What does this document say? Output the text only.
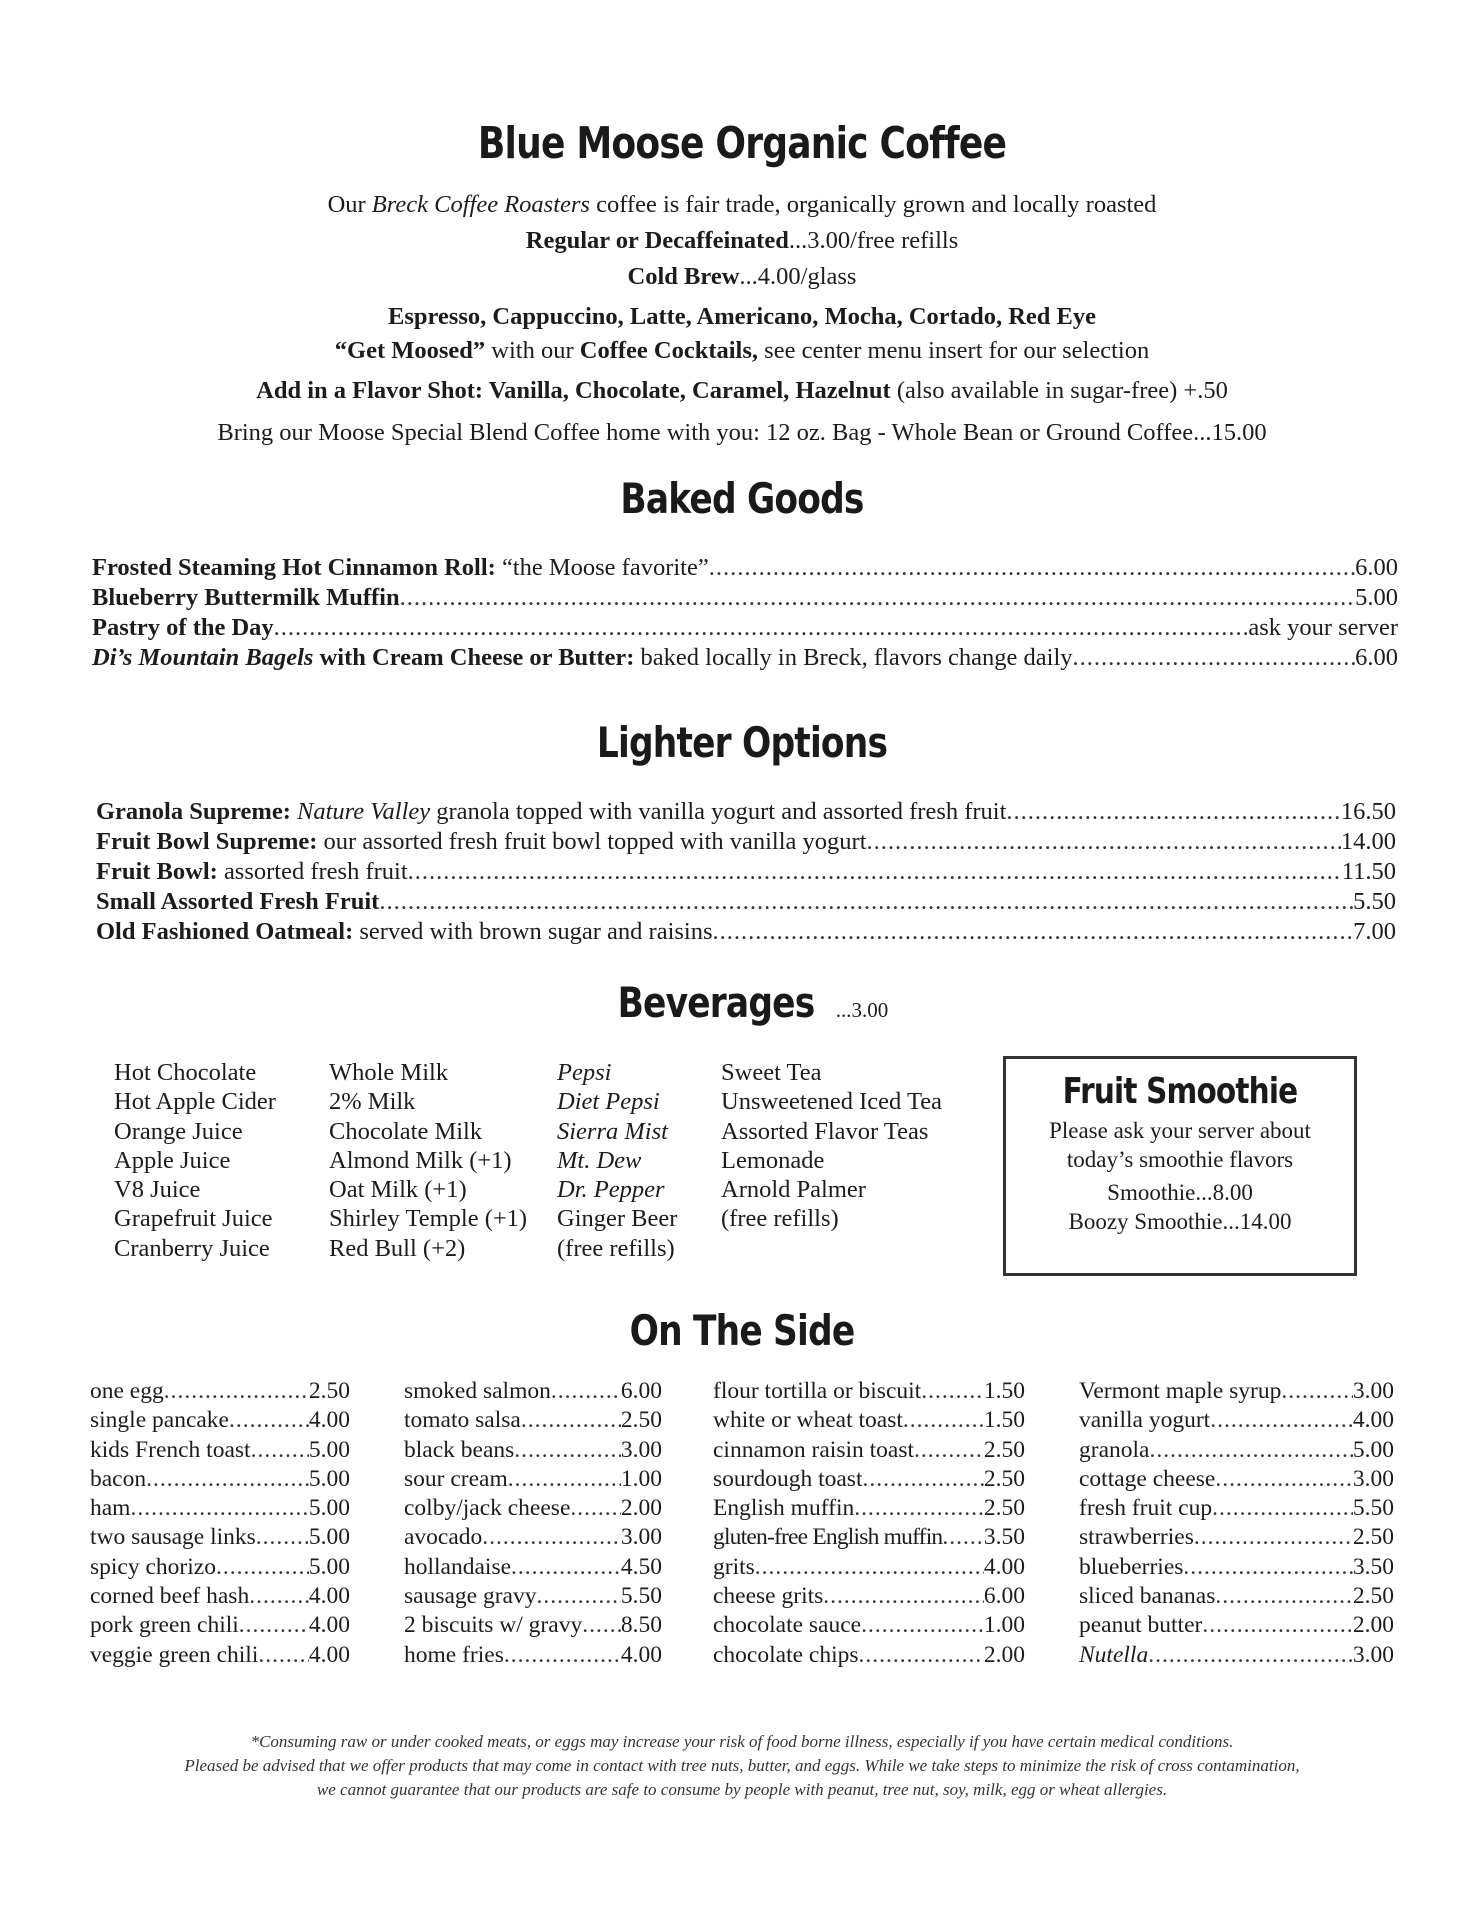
Blue Moose Organic Coffee
Our Breck Coffee Roasters coffee is fair trade, organically grown and locally roasted
Regular or Decaffeinated...3.00/free refills
Cold Brew...4.00/glass
Espresso, Cappuccino, Latte, Americano, Mocha, Cortado, Red Eye
“Get Moosed” with our Coffee Cocktails, see center menu insert for our selection
Add in a Flavor Shot: Vanilla, Chocolate, Caramel, Hazelnut (also available in sugar-free) +.50
Bring our Moose Special Blend Coffee home with you: 12 oz. Bag - Whole Bean or Ground Coffee...15.00
Baked Goods
Frosted Steaming Hot Cinnamon Roll: “the Moose favorite” .....	6.00
Blueberry Buttermilk Muffin .....	5.00
Pastry of the Day .....	ask your server
Di’s Mountain Bagels with Cream Cheese or Butter: baked locally in Breck, flavors change daily .....	6.00
Lighter Options
Granola Supreme: Nature Valley granola topped with vanilla yogurt and assorted fresh fruit .....	16.50
Fruit Bowl Supreme: our assorted fresh fruit bowl topped with vanilla yogurt .....	14.00
Fruit Bowl: assorted fresh fruit .....	11.50
Small Assorted Fresh Fruit .....	5.50
Old Fashioned Oatmeal: served with brown sugar and raisins .....	7.00
Beverages ...3.00
Hot Chocolate
Hot Apple Cider
Orange Juice
Apple Juice
V8 Juice
Grapefruit Juice
Cranberry Juice
Whole Milk
2% Milk
Chocolate Milk
Almond Milk (+1)
Oat Milk (+1)
Shirley Temple (+1)
Red Bull (+2)
Pepsi
Diet Pepsi
Sierra Mist
Mt. Dew
Dr. Pepper
Ginger Beer
(free refills)
Sweet Tea
Unsweetened Iced Tea
Assorted Flavor Teas
Lemonade
Arnold Palmer
(free refills)
Fruit Smoothie
Please ask your server about
today’s smoothie flavors
Smoothie...8.00
Boozy Smoothie...14.00
On The Side
one egg .....	2.50
single pancake .....	4.00
kids French toast ..... 5.00
bacon .....	5.00
ham .....	5.00
two sausage links ..... 5.00
spicy chorizo .....	5.00
corned beef hash .....	4.00
pork green chili .....	4.00
veggie green chili ..... 4.00
smoked salmon .....	6.00
tomato salsa .....	2.50
black beans .....	3.00
sour cream .....	1.00
colby/jack cheese ..... 2.00
avocado .....	3.00
hollandaise .....	4.50
sausage gravy .....	5.50
2 biscuits w/ gravy ..... 8.50
home fries .....	4.00
flour tortilla or biscuit .....	1.50
white or wheat toast .....	1.50
cinnamon raisin toast .....	2.50
sourdough toast .....	2.50
English muffin .....	2.50
gluten-free English muffin ..... 3.50
grits .....	4.00
cheese grits .....	6.00
chocolate sauce .....	1.00
chocolate chips .....	2.00
Vermont maple syrup .....	3.00
vanilla yogurt .....	4.00
granola .....	5.00
cottage cheese .....	3.00
fresh fruit cup .....	5.50
strawberries .....	2.50
blueberries .....	3.50
sliced bananas .....	2.50
peanut butter .....	2.00
Nutella .....	3.00
*Consuming raw or under cooked meats, or eggs may increase your risk of food borne illness, especially if you have certain medical conditions.
Pleased be advised that we offer products that may come in contact with tree nuts, butter, and eggs. While we take steps to minimize the risk of cross contamination,
we cannot guarantee that our products are safe to consume by people with peanut, tree nut, soy, milk, egg or wheat allergies.
